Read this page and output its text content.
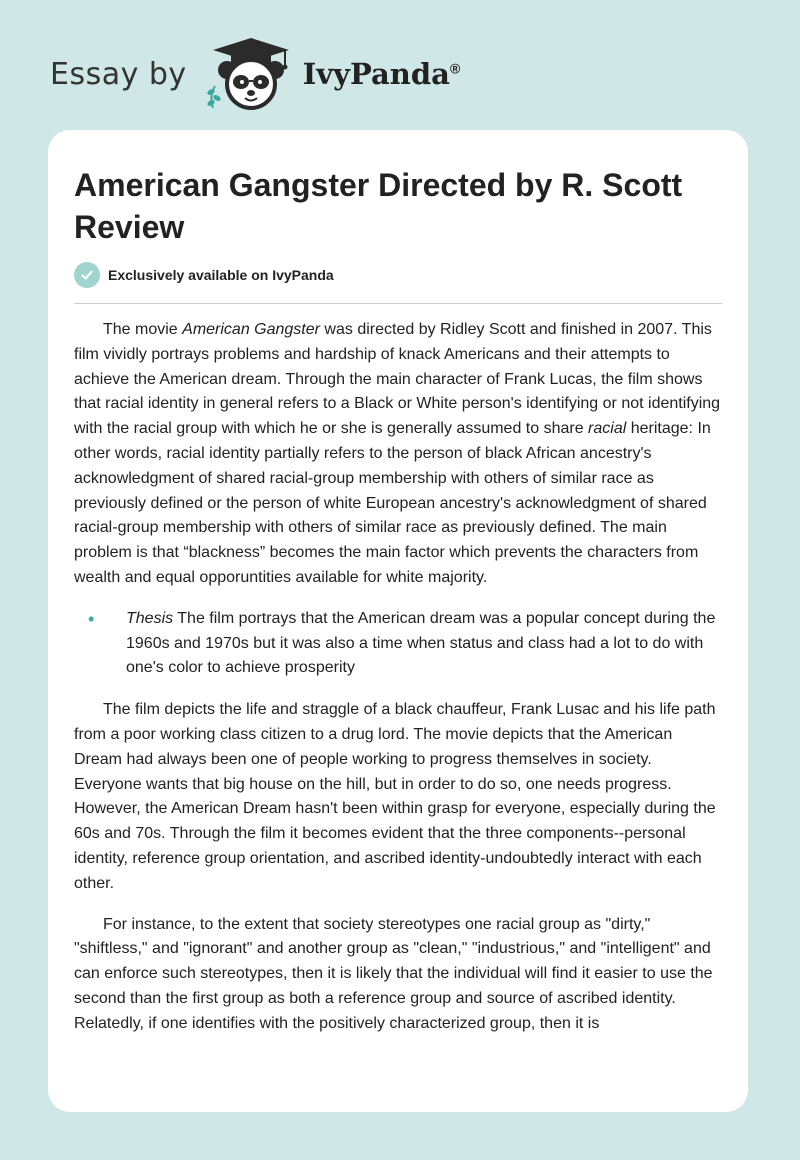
Essay by	IvyPanda®
American Gangster Directed by R. Scott Review
Exclusively available on IvyPanda

The movie American Gangster was directed by Ridley Scott and finished in 2007. This film vividly portrays problems and hardship of knack Americans and their attempts to achieve the American dream. Through the main character of Frank Lucas, the film shows that racial identity in general refers to a Black or White person's identifying or not identifying with the racial group with which he or she is generally assumed to share racial heritage: In other words, racial identity partially refers to the person of black African ancestry's acknowledgment of shared racial-group membership with others of similar race as previously defined or the person of white European ancestry's acknowledgment of shared racial-group membership with others of similar race as previously defined. The main problem is that “blackness” becomes the main factor which prevents the characters from wealth and equal opporuntities available for white majority.

• Thesis The film portrays that the American dream was a popular concept during the 1960s and 1970s but it was also a time when status and class had a lot to do with one's color to achieve prosperity

The film depicts the life and straggle of a black chauffeur, Frank Lusac and his life path from a poor working class citizen to a drug lord. The movie depicts that the American Dream had always been one of people working to progress themselves in society. Everyone wants that big house on the hill, but in order to do so, one needs progress. However, the American Dream hasn't been within grasp for everyone, especially during the 60s and 70s. Through the film it becomes evident that the three components--personal identity, reference group orientation, and ascribed identity-undoubtedly interact with each other.

For instance, to the extent that society stereotypes one racial group as "dirty," "shiftless," and "ignorant" and another group as "clean," "industrious," and "intelligent" and can enforce such stereotypes, then it is likely that the individual will find it easier to use the second than the first group as both a reference group and source of ascribed identity. Relatedly, if one identifies with the positively characterized group, then it is
